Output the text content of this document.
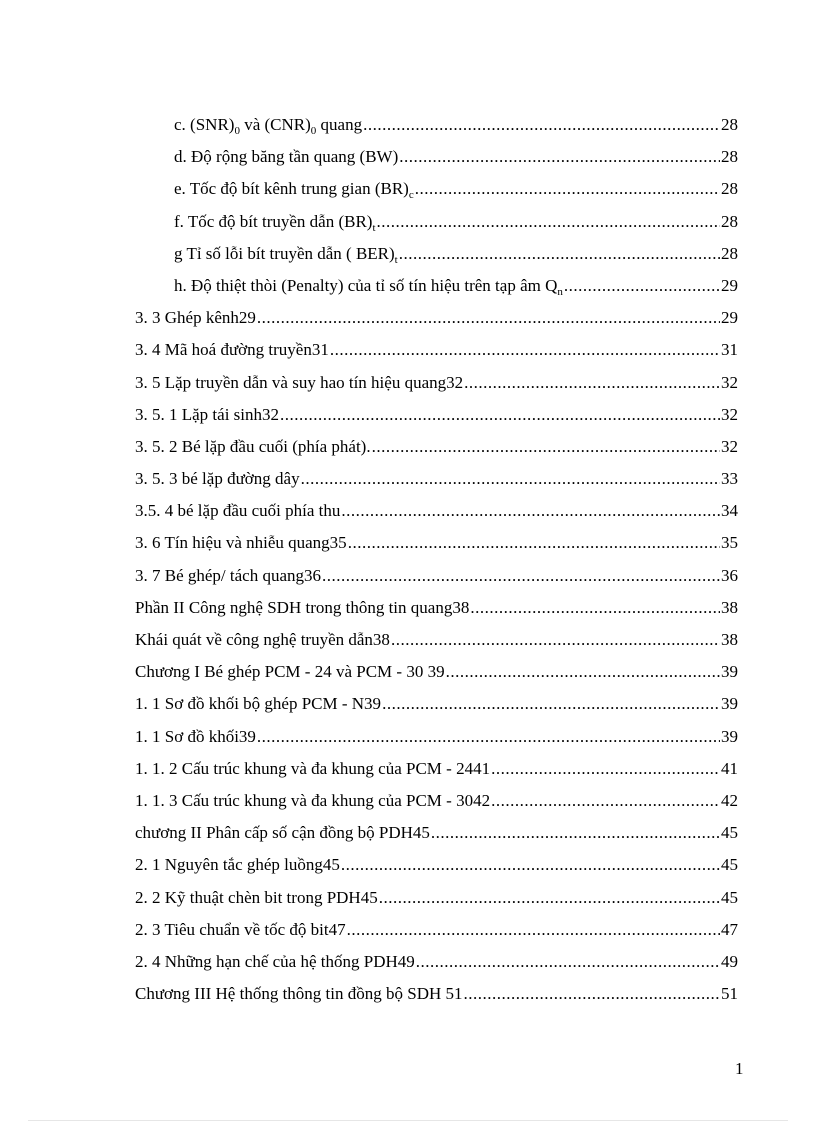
c. $(SNR)_0$ và $(CNR)_0$ quang .....	28
d. Độ rộng băng tần quang (BW) .....	28
e. Tốc độ bít kênh trung gian $(BR)_c$ .....	28
f. Tốc độ bít truyền dẫn $(BR)_t$ .....	28
g Tỉ số lỗi bít truyền dẫn ( $BER)_t$ .....	28
h. Độ thiệt thòi (Penalty) của tỉ số tín hiệu trên tạp âm $Q_n$ .....	29
3. 3 Ghép kênh29 .....	29
3. 4 Mã hoá đường truyền31 .....	31
3. 5 Lặp truyền dẫn và suy hao tín hiệu quang32 .....	32
3. 5. 1 Lặp tái sinh32 .....	32
3. 5. 2 Bé lặp đầu cuối (phía phát). .....	32
3. 5. 3 bé lặp đường dây .....	33
3.5. 4 bé lặp đầu cuối phía thu .....	34
3. 6 Tín hiệu và nhiễu quang35 .....	35
3. 7 Bé ghép/ tách quang36 .....	36
Phần II Công nghệ SDH trong thông tin quang38 .....	38
Khái quát về công nghệ truyền dẫn38 .....	38
Chương I Bé ghép PCM - 24 và PCM - 30 39 .....	39
1. 1 Sơ đồ khối bộ ghép PCM - N39 .....	39
1. 1 Sơ đồ khối39 .....	39
1. 1. 2 Cấu trúc khung và đa khung của PCM - 2441 .....	41
1. 1. 3 Cấu trúc khung và đa khung của PCM - 3042 .....	42
chương II Phân cấp số cận đồng bộ PDH45 .....	45
2. 1 Nguyên tắc ghép luồng45 .....	45
2. 2 Kỹ thuật chèn bit trong PDH45 .....	45
2. 3 Tiêu chuẩn về tốc độ bit47 .....	47
2. 4 Những hạn chế của hệ thống PDH49 .....	49
Chương III Hệ thống thông tin đồng bộ SDH 51 .....	51
1
